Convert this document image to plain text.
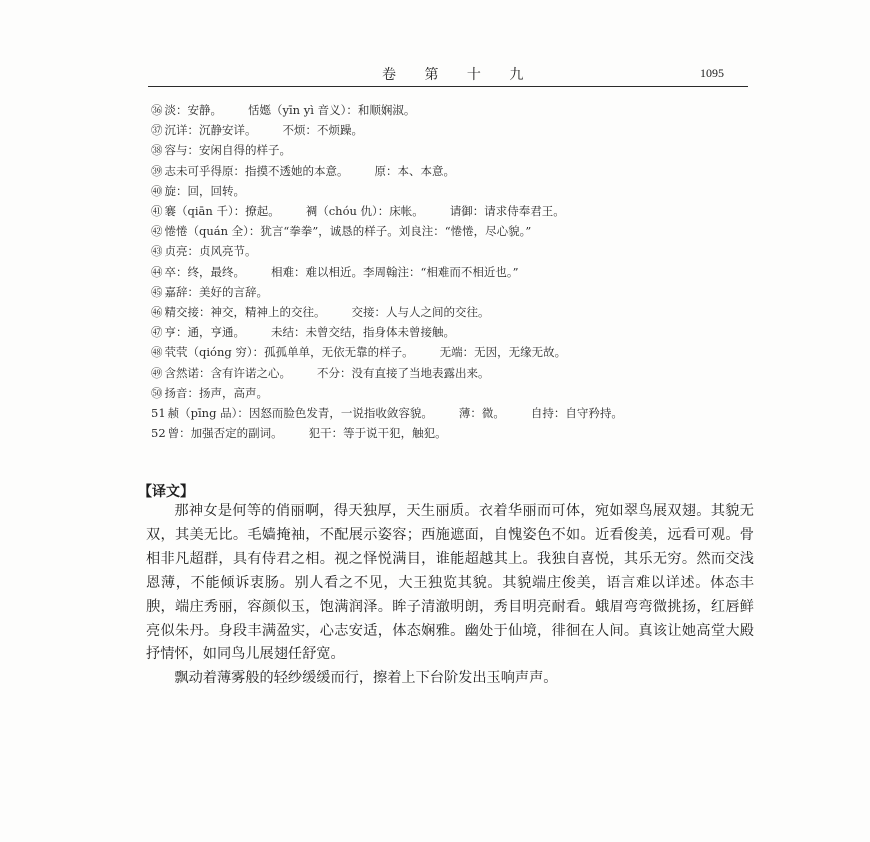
卷 第 十 九	1095
㊱ 淡：安静。 恬嫕（yīn yì 音义）：和顺娴淑。
㊲ 沉详：沉静安详。 不烦：不烦躁。
㊳ 容与：安闲自得的样子。
㊴ 志未可乎得原：指摸不透她的本意。 原：本、本意。
㊵ 旋：回，回转。
㊶ 褰（qiān 千）：撩起。 裯（chóu 仇）：床帐。 请御：请求侍奉君王。
㊷ 惓惓（quán 全）：犹言“拳拳”，诚恳的样子。刘良注：“惓惓，尽心貌。”
㊸ 贞亮：贞风亮节。
㊹ 卒：终，最终。 相难：难以相近。李周翰注：“相难而不相近也。”
㊺ 嘉辞：美好的言辞。
㊻ 精交接：神交，精神上的交往。 交接：人与人之间的交往。
㊼ 亨：通，亨通。 未结：未曾交结，指身体未曾接触。
㊽ 茕茕（qióng 穷）：孤孤单单，无依无靠的样子。 无端：无因，无缘无故。
㊾ 含然诺：含有许诺之心。 不分：没有直接了当地表露出来。
㊿ 扬音：扬声，高声。
51 赪（pīng 品）：因怒而脸色发青，一说指收敛容貌。 薄：微。 自持：自守矜持。
52 曾：加强否定的副词。 犯干：等于说干犯，触犯。
【译文】

那神女是何等的俏丽啊，得天独厚，天生丽质。衣着华丽而可体，宛如翠鸟展双翅。其貌无双，其美无比。毛嫱掩袖，不配展示姿容；西施遮面，自愧姿色不如。近看俊美，远看可观。骨相非凡超群，具有侍君之相。视之怿悦满目，谁能超越其上。我独自喜悦，其乐无穷。然而交浅恩薄，不能倾诉衷肠。别人看之不见，大王独览其貌。其貌端庄俊美，语言难以详述。体态丰腴，端庄秀丽，容颜似玉，饱满润泽。眸子清澈明朗，秀目明亮耐看。蛾眉弯弯微挑扬，红唇鲜亮似朱丹。身段丰满盈实，心志安适，体态娴雅。幽处于仙境，徘徊在人间。真该让她高堂大殿抒情怀，如同鸟儿展翅任舒宽。

飘动着薄雾般的轻纱缓缓而行，擦着上下台阶发出玉响声声。
